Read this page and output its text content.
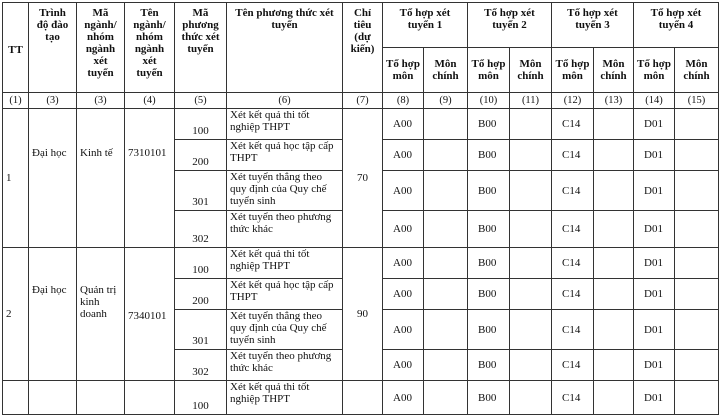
TT	Trình độ đào tạo	Mã ngành/ nhóm ngành xét tuyển	Tên ngành/ nhóm ngành xét tuyển	Mã phương thức xét tuyển	Tên phương thức xét tuyển	Chỉ tiêu (dự kiến)	Tổ hợp xét tuyển 1		Tổ hợp xét tuyển 2		Tổ hợp xét tuyển 3		Tổ hợp xét tuyển 4	
							Tổ hợp môn	Môn chính	Tổ hợp môn	Môn chính	Tổ hợp môn	Môn chính	Tổ hợp môn	Môn chính
(1)	(3)	(3)	(4)	(5)	(6)	(7)	(8)	(9)	(10)	(11)	(12)	(13)	(14)	(15)
1	Đại học	Kinh tế	7310101	100	Xét kết quả thi tốt nghiệp THPT	70	A00		B00		C14		D01	
				200	Xét kết quả học tập cấp THPT		A00		B00		C14		D01	
				301	Xét tuyển thẳng theo quy định của Quy chế tuyển sinh		A00		B00		C14		D01	
				302	Xét tuyển theo phương thức khác		A00		B00		C14		D01	
2	Đại học	Quản trị kinh doanh	7340101	100	Xét kết quả thi tốt nghiệp THPT	90	A00		B00		C14		D01	
				200	Xét kết quả học tập cấp THPT		A00		B00		C14		D01	
				301	Xét tuyển thẳng theo quy định của Quy chế tuyển sinh		A00		B00		C14		D01	
				302	Xét tuyển theo phương thức khác		A00		B00		C14		D01	
				100	Xét kết quả thi tốt nghiệp THPT		A00		B00		C14		D01	
